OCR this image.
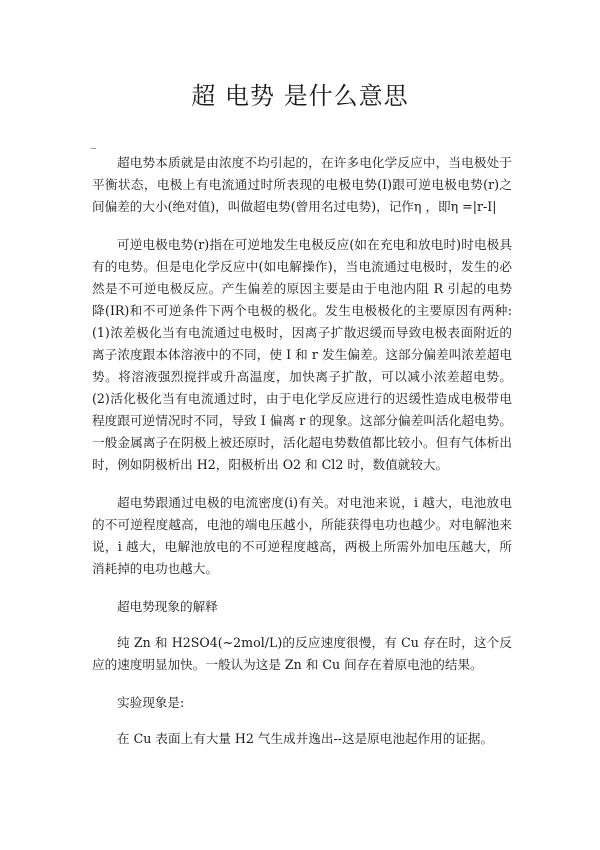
超 电势 是什么意思

超电势本质就是由浓度不均引起的，在许多电化学反应中，当电极处于平衡状态，电极上有电流通过时所表现的电极电势(I)跟可逆电极电势(r)之间偏差的大小(绝对值)，叫做超电势(曾用名过电势)，记作η ，即η =|r-I|

可逆电极电势(r)指在可逆地发生电极反应(如在充电和放电时)时电极具有的电势。但是电化学反应中(如电解操作)，当电流通过电极时，发生的必然是不可逆电极反应。产生偏差的原因主要是由于电池内阻 R 引起的电势降(IR)和不可逆条件下两个电极的极化。发生电极极化的主要原因有两种:(1)浓差极化当有电流通过电极时，因离子扩散迟缓而导致电极表面附近的离子浓度跟本体溶液中的不同，使 I 和 r 发生偏差。这部分偏差叫浓差超电势。将溶液强烈搅拌或升高温度，加快离子扩散，可以减小浓差超电势。(2)活化极化当有电流通过时，由于电化学反应进行的迟缓性造成电极带电程度跟可逆情况时不同，导致 I 偏离 r 的现象。这部分偏差叫活化超电势。一般金属离子在阴极上被还原时，活化超电势数值都比较小。但有气体析出时，例如阴极析出 H2，阳极析出 O2 和 Cl2 时，数值就较大。

超电势跟通过电极的电流密度(i)有关。对电池来说，i 越大，电池放电的不可逆程度越高，电池的端电压越小，所能获得电功也越少。对电解池来说，i 越大，电解池放电的不可逆程度越高，两极上所需外加电压越大，所消耗掉的电功也越大。

超电势现象的解释

纯 Zn 和 H2SO4(~2mol/L)的反应速度很慢，有 Cu 存在时，这个反应的速度明显加快。一般认为这是 Zn 和 Cu 间存在着原电池的结果。

实验现象是:

在 Cu 表面上有大量 H2 气生成并逸出--这是原电池起作用的证据。
